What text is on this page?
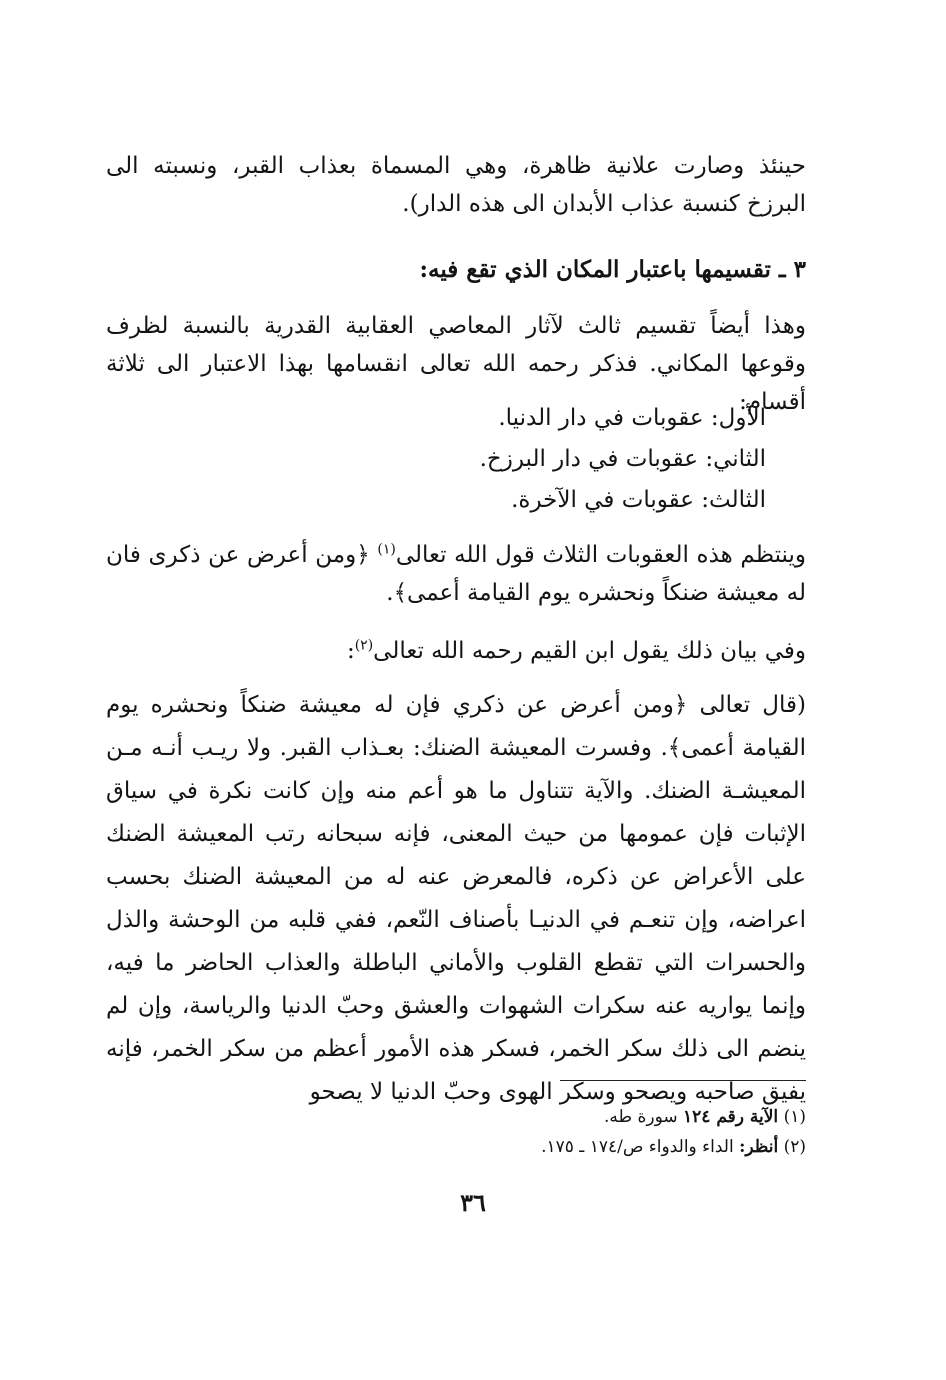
حينئذ وصارت علانية ظاهرة، وهي المسماة بعذاب القبر، ونسبته الى البرزخ كنسبة عذاب الأبدان الى هذه الدار).
٣ ـ تقسيمها باعتبار المكان الذي تقع فيه:
وهذا أيضاً تقسيم ثالث لآثار المعاصي العقابية القدرية بالنسبة لظرف وقوعها المكاني. فذكر رحمه الله تعالى انقسامها بهذا الاعتبار الى ثلاثة أقسام:
الأول: عقوبات في دار الدنيا.
الثاني: عقوبات في دار البرزخ.
الثالث: عقوبات في الآخرة.
وينتظم هذه العقوبات الثلاث قول الله تعالى$^{(١)}$ ﴿ومن أعرض عن ذكرى فان له معيشة ضنكاً ونحشره يوم القيامة أعمى﴾.
وفي بيان ذلك يقول ابن القيم رحمه الله تعالى$^{(٢)}$:
(قال تعالى ﴿ومن أعرض عن ذكري فإن له معيشة ضنكاً ونحشره يوم القيامة أعمى﴾. وفسرت المعيشة الضنك: بعـذاب القبر. ولا ريـب أنـه مـن المعيشـة الضنك. والآية تتناول ما هو أعم منه وإن كانت نكرة في سياق الإثبات فإن عمومها من حيث المعنى، فإنه سبحانه رتب المعيشة الضنك على الأعراض عن ذكره، فالمعرض عنه له من المعيشة الضنك بحسب اعراضه، وإن تنعـم في الدنيـا بأصناف النّعم، ففي قلبه من الوحشة والذل والحسرات التي تقطع القلوب والأماني الباطلة والعذاب الحاضر ما فيه، وإنما يواريه عنه سكرات الشهوات والعشق وحبّ الدنيا والرياسة، وإن لم ينضم الى ذلك سكر الخمر، فسكر هذه الأمور أعظم من سكر الخمر، فإنه يفيق صاحبه ويصحو وسكر الهوى وحبّ الدنيا لا يصحو
(١) الآية رقم ١٢٤ سورة طه.
(٢) أنظر: الداء والدواء ص/١٧٤ ـ ١٧٥.
٣٦
